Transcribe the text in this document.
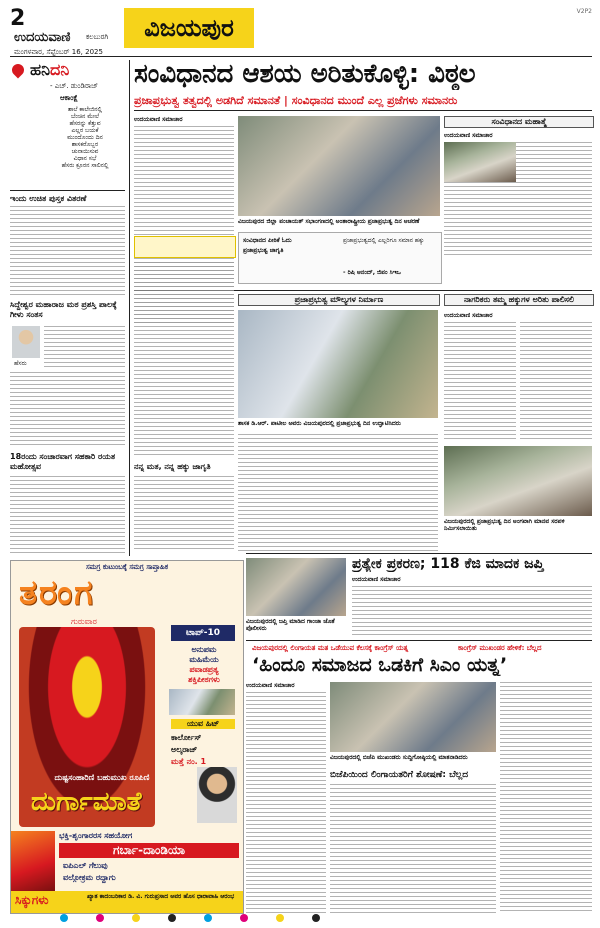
2
ಉದಯವಾಣಿ ಕಲಬುರಗಿ
ಮಂಗಳವಾರ, ಸೆಪ್ಟೆಂಬರ್ 16, 2025
ವಿಜಯಪುರ
V2P2
ಹನಿದನಿ
- ಎಚ್. ಡುಂಡಿರಾಜ್
ಆಕಾಂಕ್ಷೆ
ಶಾಲೆ ಕಾಲೇಜಿನಲ್ಲಿ
ಬೆಂಚಿನ ಮೇಲೆ
ಹೆಸರನ್ನು ಕೆತ್ತುವ
ಎಲ್ಲರ ಬಯಕೆ
ಮುಂದೊಂದು ದಿನ
ಶಾಸಕರೊಬ್ಬರ
ಚುನಾಯಿಸುವ
ವಿಧಾನ ಸಭೆ
ಹೆಸರು ಕ್ರೂರನ ಸಾಲಿನಲ್ಲಿ
ಇಂದು ಉಚಿತ ಪುಸ್ತಕ ವಿತರಣೆ
ಸಿದ್ದೇಶ್ವರ ಮಹಾರಾಜ ಮಠ ಪ್ರಶಸ್ತಿ ಪಾಲಕ್ಕೆ ಗೀಳು ಸಂತಸ
ಹೆಸರು
18ರಂದು ಸಂಚಾರವಾಗ ಸಹಕಾರಿ ರಯತ ಮಹೋತ್ಸವ
ಸಮಗ್ರ ಕುಟುಂಬಕ್ಕೆ ಸಮಗ್ರ ಸಾಪ್ತಾಹಿಕ
ತರಂಗ
ಗುರುವಾರ
ಟಾಪ್-10
ಅನುಪಮ
ಮಹಿಮೆಯ
ಪವಾಡಪ್ರತ್ಯ
ಶಕ್ತಿಪೀಠಗಳು
ಯುವ ಹಿಟ್
ಕಾರ್ಲೋಸ್
ಅಲ್ಕರಾಜ್
ಮತ್ತೆ ನಂ. 1
ದುಷ್ಟಸಂಹಾರಿಣಿ ಬಹುಮುಖ ರೂಪಿಣಿ
ದುರ್ಗಾಮಾತೆ
ಭಕ್ತಿ-ಶೃಂಗಾರರಸ ಸಹಯೋಗ
ಗರ್ಬಾ-ದಾಂಡಿಯಾ
ಐಪಿಎಲ್ ಗೆಲುವು
ವಲ್ಗೋಕ್ರಮ ರದ್ದಾಗು
ಸಿಕ್ಕುಗಳು	ಖ್ಯಾತ ಕಾದಂಬರಿಕಾರ ಡಿ. ವಿ. ಗುರುಪ್ರಸಾದ ಅವರ ಹೊಸ ಧಾರಾವಾಹಿ ಆರಂಭ
ಸಂವಿಧಾನದ ಆಶಯ ಅರಿತುಕೊಳ್ಳಿ: ವಿಠ್ಠಲ
ಪ್ರಜಾಪ್ರಭುತ್ವ ತತ್ವದಲ್ಲಿ ಅಡಗಿದೆ ಸಮಾನತೆ | ಸಂವಿಧಾನದ ಮುಂದೆ ಎಲ್ಲ ಪ್ರಜೆಗಳು ಸಮಾನರು
ಉದಯವಾಣಿ ಸಮಾಚಾರ
ವಿಜಯಪುರದ ಜಿಲ್ಲಾ ಪಂಚಾಯತ್ ಸಭಾಂಗಣದಲ್ಲಿ ಅಂತಾರಾಷ್ಟ್ರೀಯ ಪ್ರಜಾಪ್ರಭುತ್ವ ದಿನ ಆಚರಣೆ
ಸಂವಿಧಾನದ ಮಹಾತ್ಮೆ
ಉದಯವಾಣಿ ಸಮಾಚಾರ
ಸಂವಿಧಾನದ ಪೀಠಿಕೆ ಓದು
ಪ್ರಜಾಪ್ರಭುತ್ವ ಜಾಗೃತಿ
ಪ್ರಜಾಪ್ರಭುತ್ವದಲ್ಲಿ ಎಲ್ಲರಿಗೂ ಸಮಾನ ಹಕ್ಕು
- ರಿಷಿ ಆನಂದ್, ಜಿಪಂ ಸಿಇಒ
ಪ್ರಜಾಪ್ರಭುತ್ವ ಮೌಲ್ಯಗಳ ನಿರ್ಮಾಣ	ನಾಗರಿಕರು ತಮ್ಮ ಹಕ್ಕುಗಳ ಅರಿತು ಪಾಲಿಸಲಿ
ಶಾಸಕ ಡಿ.ಆರ್. ಪಾಟೀಲ ಅವರು ವಿಜಯಪುರದಲ್ಲಿ ಪ್ರಜಾಪ್ರಭುತ್ವ ದಿನ ಉದ್ಘಾಟಿಸಿದರು
ಉದಯವಾಣಿ ಸಮಾಚಾರ
ನನ್ನ ಮತ, ನನ್ನ ಹಕ್ಕು ಜಾಗೃತಿ
ವಿಜಯಪುರದಲ್ಲಿ ಪ್ರಜಾಪ್ರಭುತ್ವ ದಿನ ಅಂಗವಾಗಿ ಮಾನವ ಸರಪಳಿ ನಿರ್ಮಿಸಲಾಯಿತು
ವಿಜಯಪುರದಲ್ಲಿ ಜಪ್ತಿ ಮಾಡಿದ ಗಾಂಜಾ ಜೊತೆ ಪೊಲೀಸರು
ಪ್ರತ್ಯೇಕ ಪ್ರಕರಣ; 118 ಕೆಜಿ ಮಾದಕ ಜಪ್ತಿ
ಉದಯವಾಣಿ ಸಮಾಚಾರ
ವಿಜಯಪುರದಲ್ಲಿ ಲಿಂಗಾಯತ ಮತ ಒಡೆಯುವ ಕೆಲಸಕ್ಕೆ ಕಾಂಗ್ರೆಸ್ ಯತ್ನ	ಕಾಂಗ್ರೆಸ್ ಮುಖಂಡರ ಹೇಳಿಕೆ: ಬೆಲ್ಲದ
‘ಹಿಂದೂ ಸಮಾಜದ ಒಡಕಿಗೆ ಸಿಎಂ ಯತ್ನ’
ಉದಯವಾಣಿ ಸಮಾಚಾರ
ವಿಜಯಪುರದಲ್ಲಿ ಬಿಜೆಪಿ ಮುಖಂಡರು ಸುದ್ದಿಗೋಷ್ಠಿಯಲ್ಲಿ ಮಾತನಾಡಿದರು
ಬಿಜೆಪಿಯಿಂದ ಲಿಂಗಾಯತರಿಗೆ ಶೋಷಣೆ: ಬೆಲ್ಲದ
